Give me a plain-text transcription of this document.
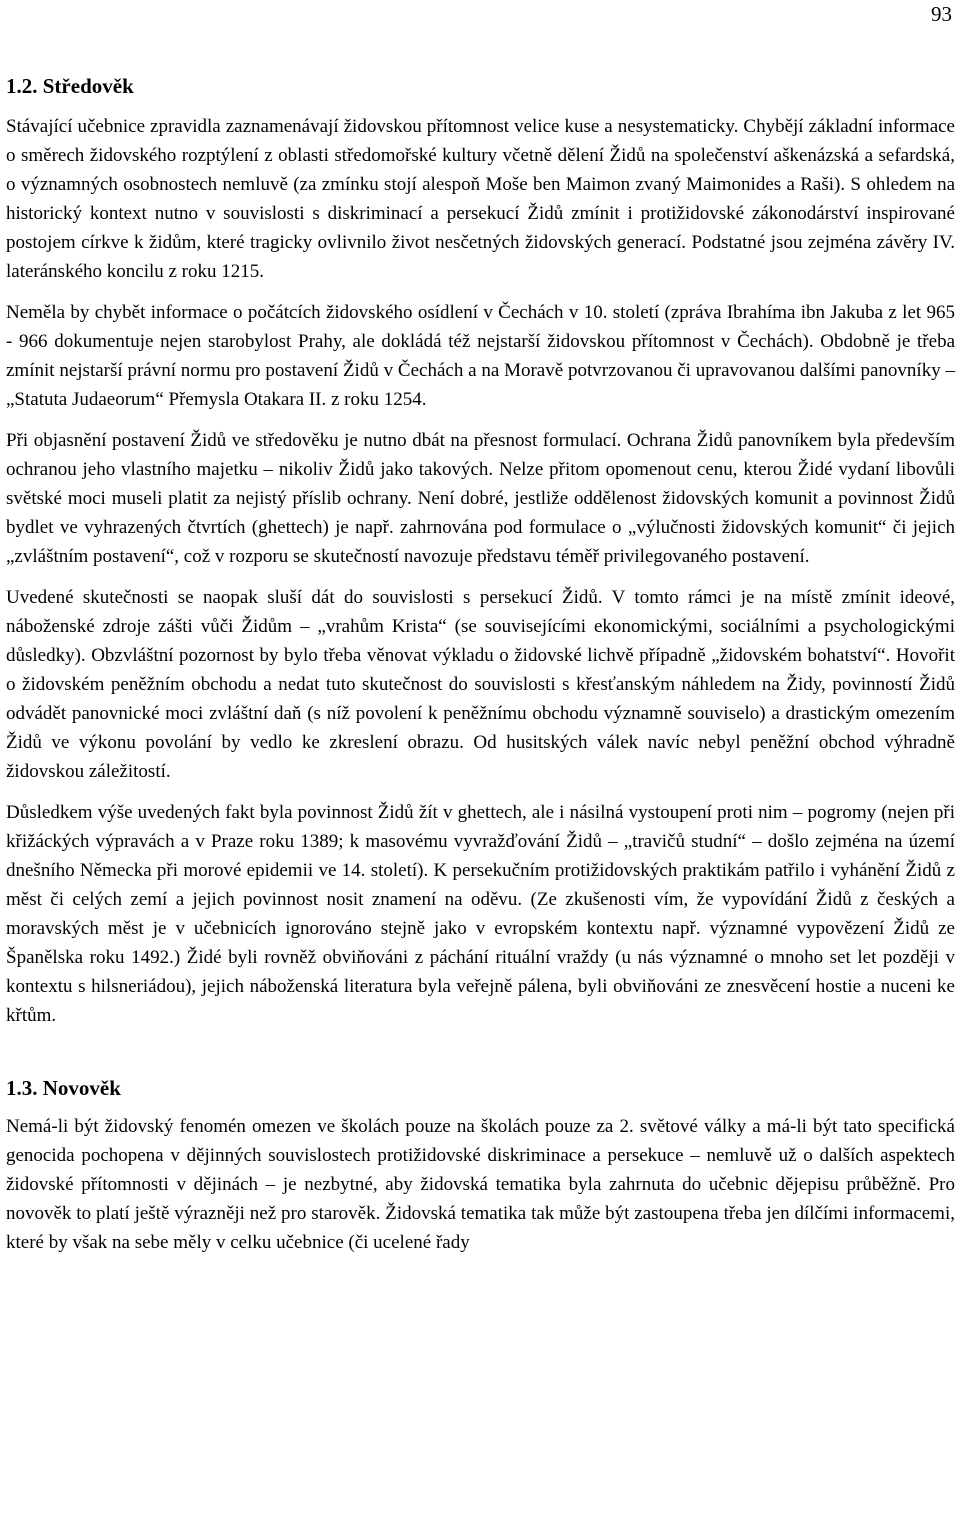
93
1.2. Středověk

Stávající učebnice zpravidla zaznamenávají židovskou přítomnost velice kuse a nesystematicky. Chybějí základní informace o směrech židovského rozptýlení z oblasti středomořské kultury včetně dělení Židů na společenství aškenázská a sefardská, o významných osobnostech nemluvě (za zmínku stojí alespoň Moše ben Maimon zvaný Maimonides a Raši). S ohledem na historický kontext nutno v souvislosti s diskriminací a persekucí Židů zmínit i protižidovské zákonodárství inspirované postojem církve k židům, které tragicky ovlivnilo život nesčetných židovských generací. Podstatné jsou zejména závěry IV. lateránského koncilu z roku 1215.

Neměla by chybět informace o počátcích židovského osídlení v Čechách v 10. století (zpráva Ibrahíma ibn Jakuba z let 965 - 966 dokumentuje nejen starobylost Prahy, ale dokládá též nejstarší židovskou přítomnost v Čechách). Obdobně je třeba zmínit nejstarší právní normu pro postavení Židů v Čechách a na Moravě potvrzovanou či upravovanou dalšími panovníky – „Statuta Judaeorum“ Přemysla Otakara II. z roku 1254.

Při objasnění postavení Židů ve středověku je nutno dbát na přesnost formulací. Ochrana Židů panovníkem byla především ochranou jeho vlastního majetku – nikoliv Židů jako takových. Nelze přitom opomenout cenu, kterou Židé vydaní libovůli světské moci museli platit za nejistý příslib ochrany. Není dobré, jestliže oddělenost židovských komunit a povinnost Židů bydlet ve vyhrazených čtvrtích (ghettech) je např. zahrnována pod formulace o „výlučnosti židovských komunit“ či jejich „zvláštním postavení“, což v rozporu se skutečností navozuje představu téměř privilegovaného postavení.

Uvedené skutečnosti se naopak sluší dát do souvislosti s persekucí Židů. V tomto rámci je na místě zmínit ideové, náboženské zdroje zášti vůči Židům – „vrahům Krista“ (se souvisejícími ekonomickými, sociálními a psychologickými důsledky). Obzvláštní pozornost by bylo třeba věnovat výkladu o židovské lichvě případně „židovském bohatství“. Hovořit o židovském peněžním obchodu a nedat tuto skutečnost do souvislosti s křesťanským náhledem na Židy, povinností Židů odvádět panovnické moci zvláštní daň (s níž povolení k peněžnímu obchodu významně souviselo) a drastickým omezením Židů ve výkonu povolání by vedlo ke zkreslení obrazu. Od husitských válek navíc nebyl peněžní obchod výhradně židovskou záležitostí.

Důsledkem výše uvedených fakt byla povinnost Židů žít v ghettech, ale i násilná vystoupení proti nim – pogromy (nejen při křižáckých výpravách a v Praze roku 1389; k masovému vyvražďování Židů – „travičů studní“ – došlo zejména na území dnešního Německa při morové epidemii ve 14. století). K persekučním protižidovských praktikám patřilo i vyhánění Židů z měst či celých zemí a jejich povinnost nosit znamení na oděvu. (Ze zkušenosti vím, že vypovídání Židů z českých a moravských měst je v učebnicích ignorováno stejně jako v evropském kontextu např. významné vypovězení Židů ze Španělska roku 1492.) Židé byli rovněž obviňováni z páchání rituální vraždy (u nás významné o mnoho set let později v kontextu s hilsneriádou), jejich náboženská literatura byla veřejně pálena, byli obviňováni ze znesvěcení hostie a nuceni ke křtům.

1.3. Novověk

Nemá-li být židovský fenomén omezen ve školách pouze na školách pouze za 2. světové války a má-li být tato specifická genocida pochopena v dějinných souvislostech protižidovské diskriminace a persekuce – nemluvě už o dalších aspektech židovské přítomnosti v dějinách – je nezbytné, aby židovská tematika byla zahrnuta do učebnic dějepisu průběžně. Pro novověk to platí ještě výrazněji než pro starověk. Židovská tematika tak může být zastoupena třeba jen dílčími informacemi, které by však na sebe měly v celku učebnice (či ucelené řady
